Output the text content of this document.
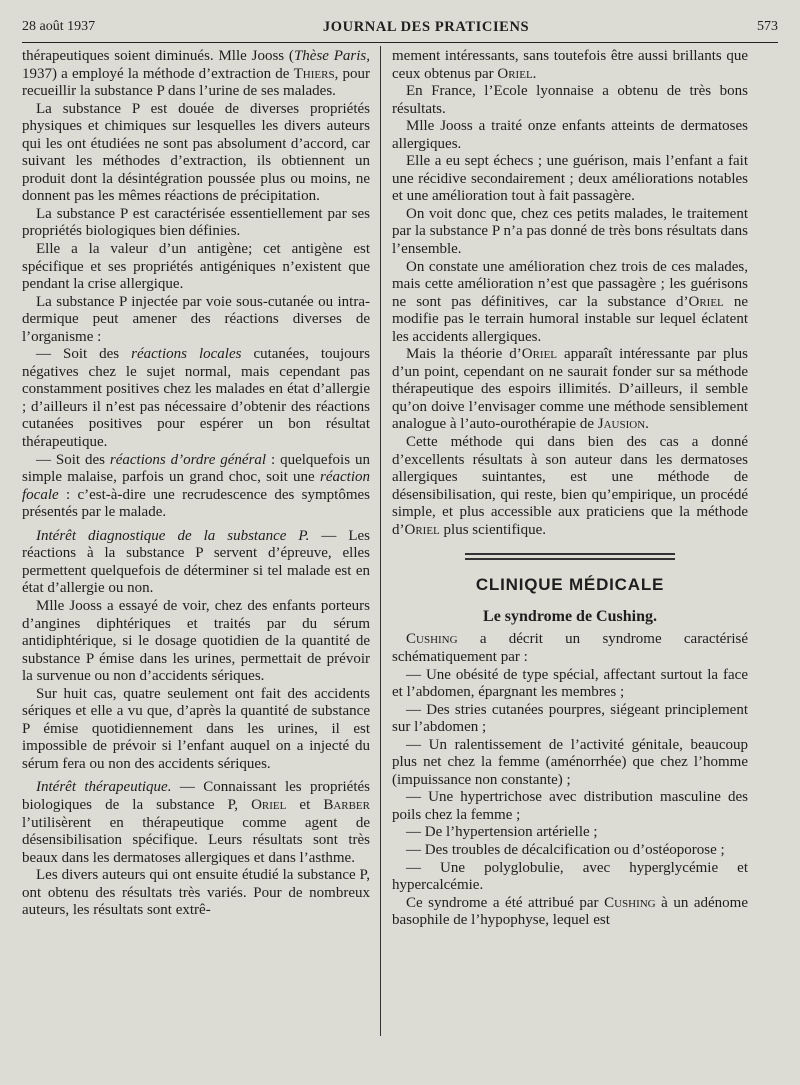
28 août 1937	JOURNAL DES PRATICIENS	573

thérapeutiques soient diminués. Mlle Jooss (Thèse Paris, 1937) a employé la méthode d’extraction de Thiers, pour recueillir la substance P dans l’urine de ses malades.

La substance P est douée de diverses propriétés physiques et chimiques sur lesquelles les divers auteurs qui les ont étudiées ne sont pas absolument d’accord, car suivant les méthodes d’extraction, ils obtiennent un produit dont la désintégration poussée plus ou moins, ne donnent pas les mêmes réactions de précipitation.

La substance P est caractérisée essentiellement par ses propriétés biologiques bien définies.

Elle a la valeur d’un antigène; cet antigène est spécifique et ses propriétés antigéniques n’existent que pendant la crise allergique.

La substance P injectée par voie sous-cutanée ou intra-dermique peut amener des réactions diverses de l’organisme :

— Soit des réactions locales cutanées, toujours négatives chez le sujet normal, mais cependant pas constamment positives chez les malades en état d’allergie ; d’ailleurs il n’est pas nécessaire d’obtenir des réactions cutanées positives pour espérer un bon résultat thérapeutique.

— Soit des réactions d’ordre général : quelquefois un simple malaise, parfois un grand choc, soit une réaction focale : c’est-à-dire une recrudescence des symptômes présentés par le malade.

Intérêt diagnostique de la substance P. — Les réactions à la substance P servent d’épreuve, elles permettent quelquefois de déterminer si tel malade est en état d’allergie ou non.

Mlle Jooss a essayé de voir, chez des enfants porteurs d’angines diphtériques et traités par du sérum antidiphtérique, si le dosage quotidien de la quantité de substance P émise dans les urines, permettait de prévoir la survenue ou non d’accidents sériques.

Sur huit cas, quatre seulement ont fait des accidents sériques et elle a vu que, d’après la quantité de substance P émise quotidiennement dans les urines, il est impossible de prévoir si l’enfant auquel on a injecté du sérum fera ou non des accidents sériques.

Intérêt thérapeutique. — Connaissant les propriétés biologiques de la substance P, Oriel et Barber l’utilisèrent en thérapeutique comme agent de désensibilisation spécifique. Leurs résultats sont très beaux dans les dermatoses allergiques et dans l’asthme.

Les divers auteurs qui ont ensuite étudié la substance P, ont obtenu des résultats très variés. Pour de nombreux auteurs, les résultats sont extrê-

mement intéressants, sans toutefois être aussi brillants que ceux obtenus par Oriel.

En France, l’Ecole lyonnaise a obtenu de très bons résultats.

Mlle Jooss a traité onze enfants atteints de dermatoses allergiques.

Elle a eu sept échecs ; une guérison, mais l’enfant a fait une récidive secondairement ; deux améliorations notables et une amélioration tout à fait passagère.

On voit donc que, chez ces petits malades, le traitement par la substance P n’a pas donné de très bons résultats dans l’ensemble.

On constate une amélioration chez trois de ces malades, mais cette amélioration n’est que passagère ; les guérisons ne sont pas définitives, car la substance d’Oriel ne modifie pas le terrain humoral instable sur lequel éclatent les accidents allergiques.

Mais la théorie d’Oriel apparaît intéressante par plus d’un point, cependant on ne saurait fonder sur sa méthode thérapeutique des espoirs illimités. D’ailleurs, il semble qu’on doive l’envisager comme une méthode sensiblement analogue à l’auto-ourothérapie de Jausion.

Cette méthode qui dans bien des cas a donné d’excellents résultats à son auteur dans les dermatoses allergiques suintantes, est une méthode de désensibilisation, qui reste, bien qu’empirique, un procédé simple, et plus accessible aux praticiens que la méthode d’Oriel plus scientifique.

CLINIQUE MÉDICALE
Le syndrome de Cushing.

Cushing a décrit un syndrome caractérisé schématiquement par :

— Une obésité de type spécial, affectant surtout la face et l’abdomen, épargnant les membres ;

— Des stries cutanées pourpres, siégeant principlement sur l’abdomen ;

— Un ralentissement de l’activité génitale, beaucoup plus net chez la femme (aménorrhée) que chez l’homme (impuissance non constante) ;

— Une hypertrichose avec distribution masculine des poils chez la femme ;

— De l’hypertension artérielle ;

— Des troubles de décalcification ou d’ostéoporose ;

— Une polyglobulie, avec hyperglycémie et hypercalcémie.

Ce syndrome a été attribué par Cushing à un adénome basophile de l’hypophyse, lequel est
